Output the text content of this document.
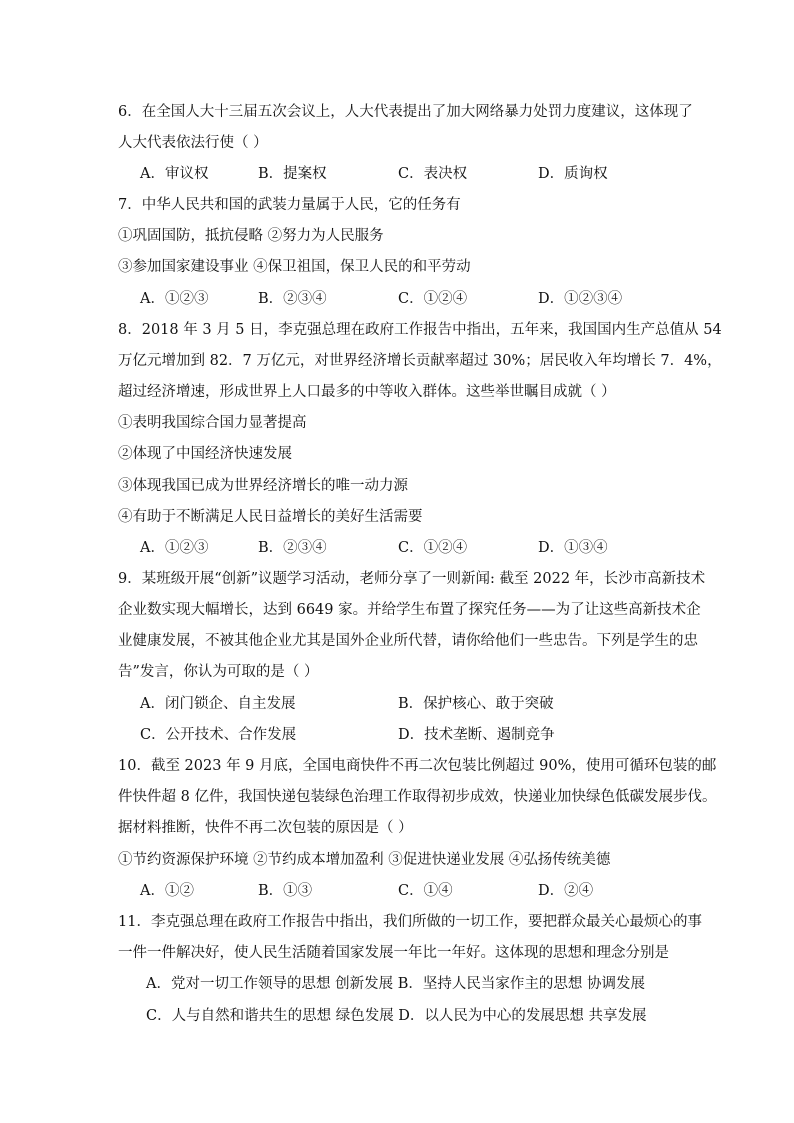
6．在全国人大十三届五次会议上，人大代表提出了加大网络暴力处罚力度建议，这体现了
人大代表依法行使（ ）
A．审议权	B．提案权	C．表决权	D．质询权
7．中华人民共和国的武装力量属于人民，它的任务有
①巩固国防，抵抗侵略 ②努力为人民服务
③参加国家建设事业 ④保卫祖国，保卫人民的和平劳动
A．①②③	B．②③④	C．①②④	D．①②③④
8．2018 年 3 月 5 日，李克强总理在政府工作报告中指出，五年来，我国国内生产总值从 54
万亿元增加到 82．7 万亿元，对世界经济增长贡献率超过 30%；居民收入年均增长 7．4%，
超过经济增速，形成世界上人口最多的中等收入群体。这些举世瞩目成就（ ）
①表明我国综合国力显著提高
②体现了中国经济快速发展
③体现我国已成为世界经济增长的唯一动力源
④有助于不断满足人民日益增长的美好生活需要
A．①②③	B．②③④	C．①②④	D．①③④
9．某班级开展“创新”议题学习活动，老师分享了一则新闻: 截至 2022 年，长沙市高新技术
企业数实现大幅增长，达到 6649 家。并给学生布置了探究任务——为了让这些高新技术企
业健康发展，不被其他企业尤其是国外企业所代替，请你给他们一些忠告。下列是学生的忠
告”发言，你认为可取的是（ ）
A．闭门锁企、自主发展	B．保护核心、敢于突破
C．公开技术、合作发展	D．技术垄断、遏制竞争
10．截至 2023 年 9 月底，全国电商快件不再二次包装比例超过 90%，使用可循环包装的邮
件快件超 8 亿件，我国快递包装绿色治理工作取得初步成效，快递业加快绿色低碳发展步伐。
据材料推断，快件不再二次包装的原因是（ ）
①节约资源保护环境 ②节约成本增加盈利 ③促进快递业发展 ④弘扬传统美德
A．①②	B．①③	C．①④	D．②④
11．李克强总理在政府工作报告中指出，我们所做的一切工作，要把群众最关心最烦心的事
一件一件解决好，使人民生活随着国家发展一年比一年好。这体现的思想和理念分别是
A．党对一切工作领导的思想 创新发展 B．坚持人民当家作主的思想 协调发展
C．人与自然和谐共生的思想 绿色发展 D．以人民为中心的发展思想 共享发展
